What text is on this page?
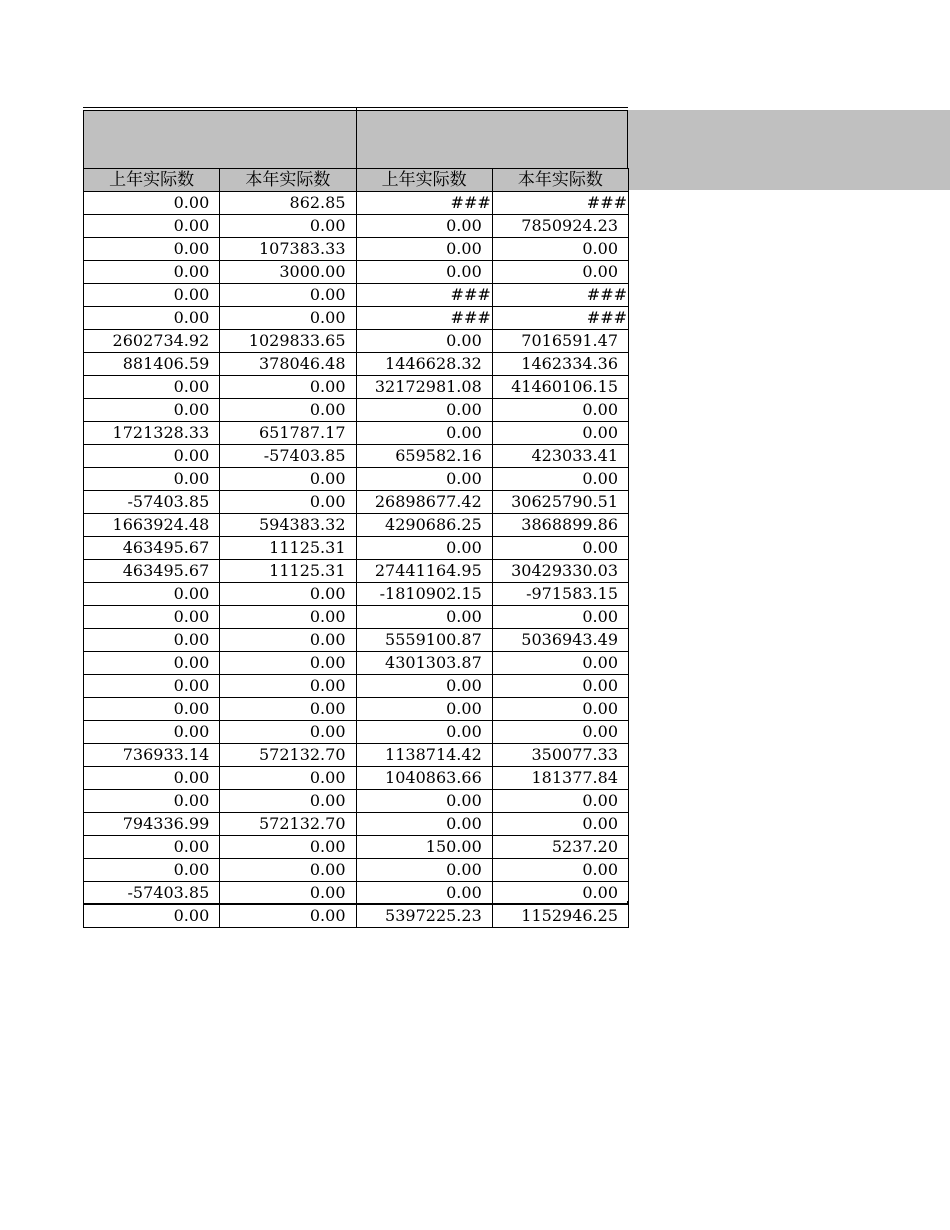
上年实际数	本年实际数	上年实际数	本年实际数
0.00	862.85	###	###
0.00	0.00	0.00	7850924.23
0.00	107383.33	0.00	0.00
0.00	3000.00	0.00	0.00
0.00	0.00	###	###
0.00	0.00	###	###
2602734.92	1029833.65	0.00	7016591.47
881406.59	378046.48	1446628.32	1462334.36
0.00	0.00	32172981.08	41460106.15
0.00	0.00	0.00	0.00
1721328.33	651787.17	0.00	0.00
0.00	-57403.85	659582.16	423033.41
0.00	0.00	0.00	0.00
-57403.85	0.00	26898677.42	30625790.51
1663924.48	594383.32	4290686.25	3868899.86
463495.67	11125.31	0.00	0.00
463495.67	11125.31	27441164.95	30429330.03
0.00	0.00	-1810902.15	-971583.15
0.00	0.00	0.00	0.00
0.00	0.00	5559100.87	5036943.49
0.00	0.00	4301303.87	0.00
0.00	0.00	0.00	0.00
0.00	0.00	0.00	0.00
0.00	0.00	0.00	0.00
736933.14	572132.70	1138714.42	350077.33
0.00	0.00	1040863.66	181377.84
0.00	0.00	0.00	0.00
794336.99	572132.70	0.00	0.00
0.00	0.00	150.00	5237.20
0.00	0.00	0.00	0.00
-57403.85	0.00	0.00	0.00
0.00	0.00	5397225.23	1152946.25
